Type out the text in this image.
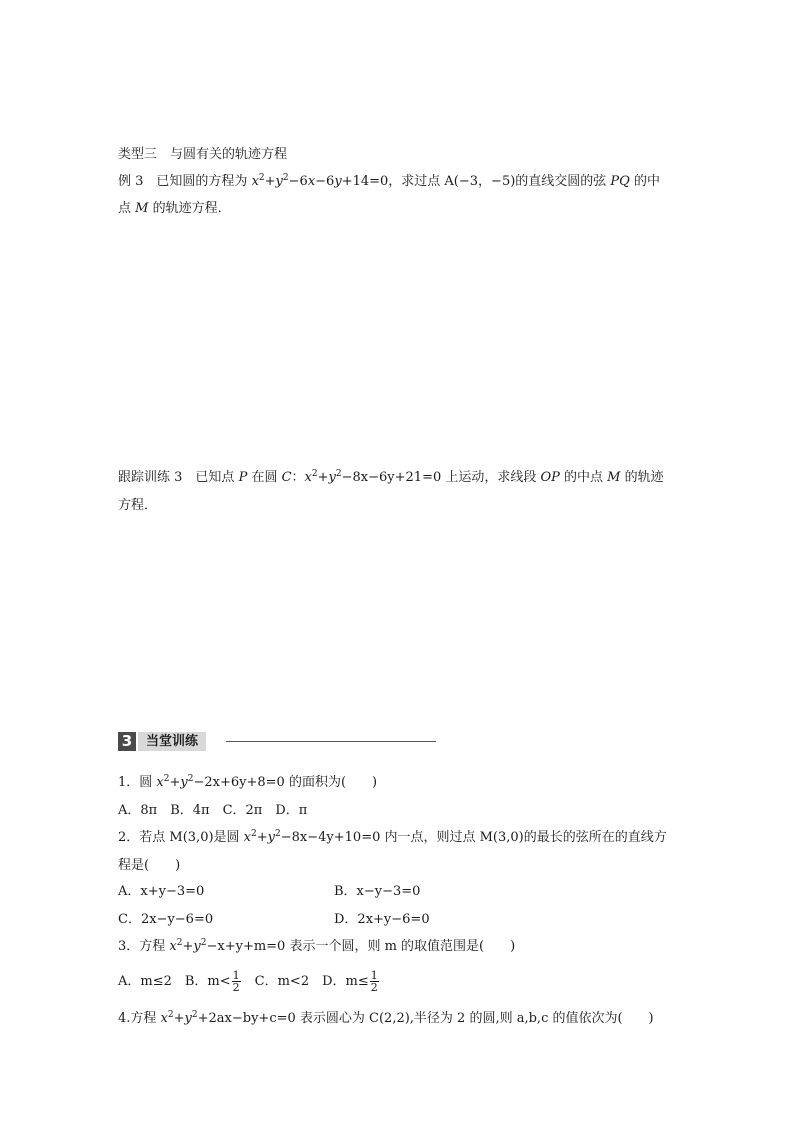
类型三　与圆有关的轨迹方程
例 3　 已知圆的方程为 $x^2+y^2-6x-6y+14=0$，求过点 A(−3，−5)的直线交圆的弦 PQ 的中
点 M 的轨迹方程．
跟踪训练 3　 已知点 P 在圆 C：$x^2+y^2-8x-6y+21=0$ 上运动，求线段 OP 的中点 M 的轨迹
方程．
3	当堂训练
1．圆 $x^2+y^2-2x+6y+8=0$ 的面积为(　　)
A．8π　B．4π　C．2π　D．π
2．若点 M(3,0)是圆 $x^2+y^2-8x-4y+10=0$ 内一点，则过点 M(3,0)的最长的弦所在的直线方
程是(　　)
A．x+y−3=0	B．x−y−3=0
C．2x−y−6=0	D．2x+y−6=0
3．方程 $x^2+y^2-x+y+m=0$ 表示一个圆，则 m 的取值范围是(　　)
A．m≤2　B．$m< \frac{1}{2}$ 　C．m<2　D．$m\le \frac{1}{2}$
4.方程 $x^2+y^2+2ax-by+c=0$ 表示圆心为 C(2,2),半径为 2 的圆,则 a,b,c 的值依次为(　　)
